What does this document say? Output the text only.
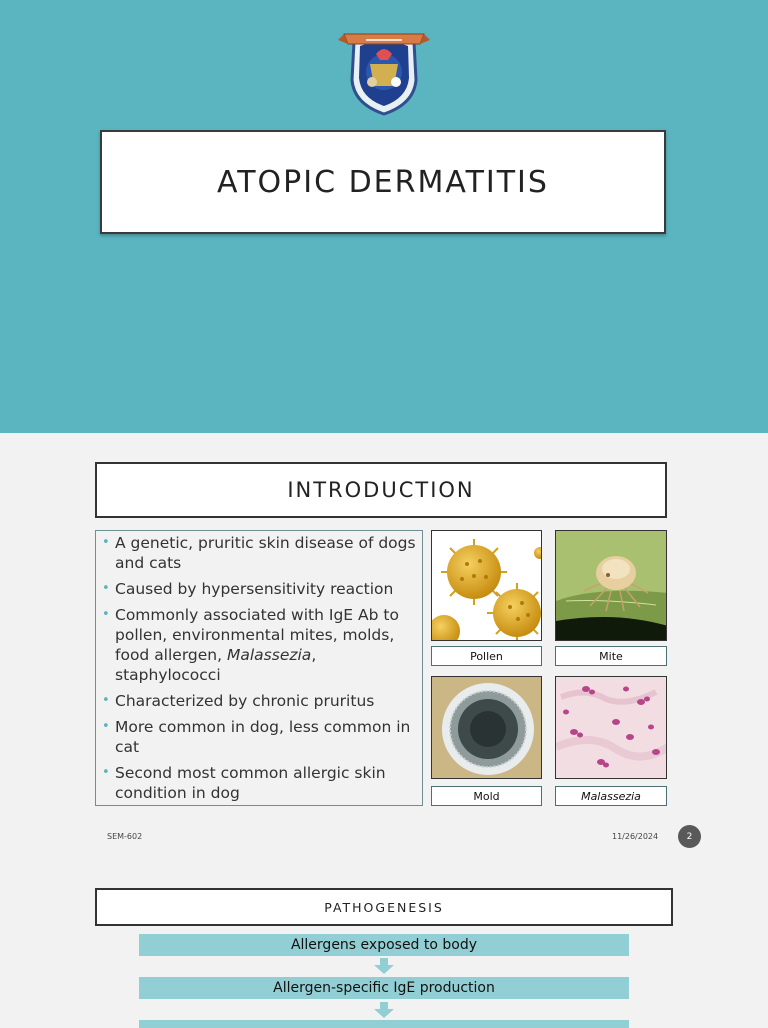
ATOPIC DERMATITIS
INTRODUCTION
• A genetic, pruritic skin disease of dogs and cats
• Caused by hypersensitivity reaction
• Commonly associated with IgE Ab to pollen, environmental mites, molds, food allergen, Malassezia, staphylococci
• Characterized by chronic pruritus
• More common in dog, less common in cat
• Second most common allergic skin condition in dog
Pollen	Mite
Mold	Malassezia
SEM-602	11/26/2024	2
PATHOGENESIS
Allergens exposed to body
Allergen-specific IgE production
